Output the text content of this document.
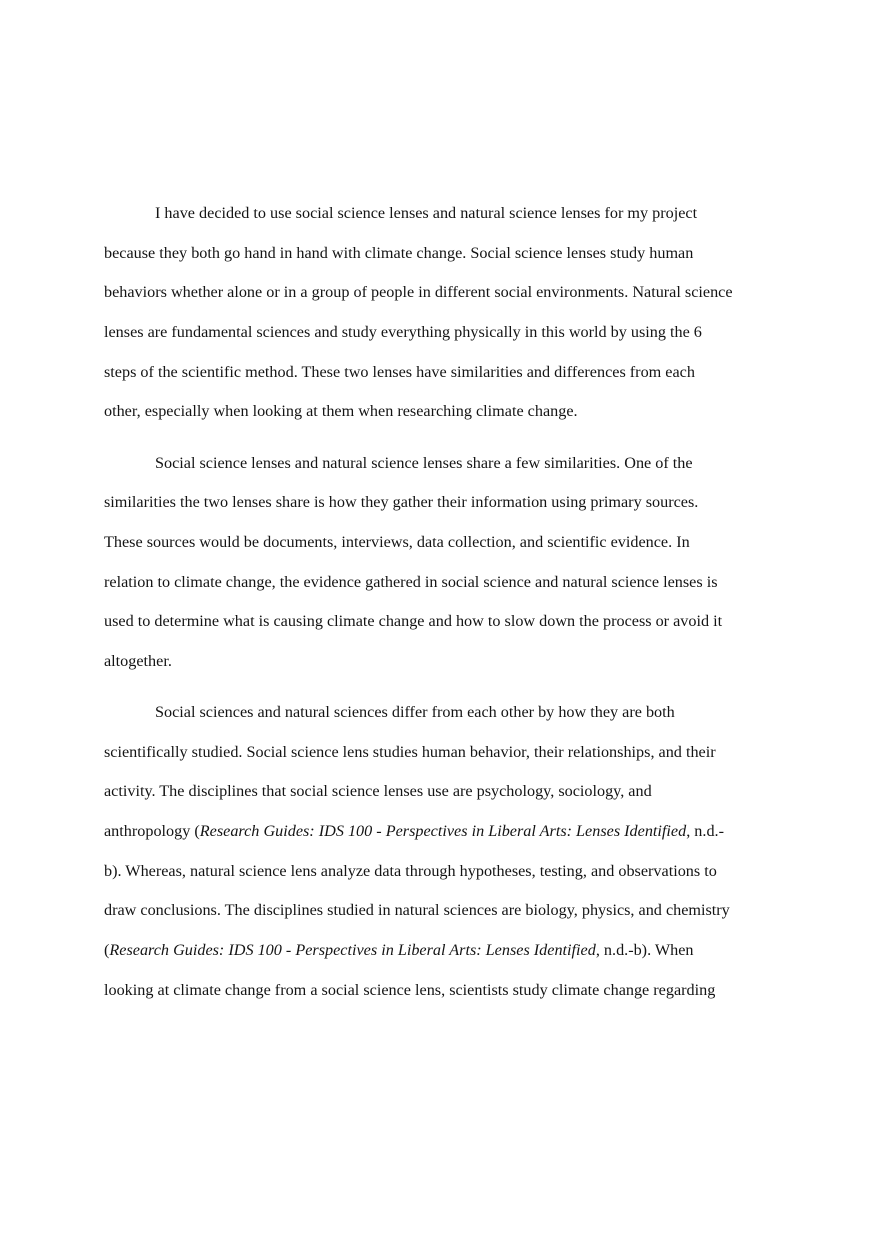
I have decided to use social science lenses and natural science lenses for my project
because they both go hand in hand with climate change. Social science lenses study human
behaviors whether alone or in a group of people in different social environments. Natural science
lenses are fundamental sciences and study everything physically in this world by using the 6
steps of the scientific method. These two lenses have similarities and differences from each
other, especially when looking at them when researching climate change.
Social science lenses and natural science lenses share a few similarities. One of the
similarities the two lenses share is how they gather their information using primary sources.
These sources would be documents, interviews, data collection, and scientific evidence. In
relation to climate change, the evidence gathered in social science and natural science lenses is
used to determine what is causing climate change and how to slow down the process or avoid it
altogether.
Social sciences and natural sciences differ from each other by how they are both
scientifically studied. Social science lens studies human behavior, their relationships, and their
activity. The disciplines that social science lenses use are psychology, sociology, and
anthropology (Research Guides: IDS 100 - Perspectives in Liberal Arts: Lenses Identified, n.d.-
b). Whereas, natural science lens analyze data through hypotheses, testing, and observations to
draw conclusions. The disciplines studied in natural sciences are biology, physics, and chemistry
(Research Guides: IDS 100 - Perspectives in Liberal Arts: Lenses Identified, n.d.-b). When
looking at climate change from a social science lens, scientists study climate change regarding
